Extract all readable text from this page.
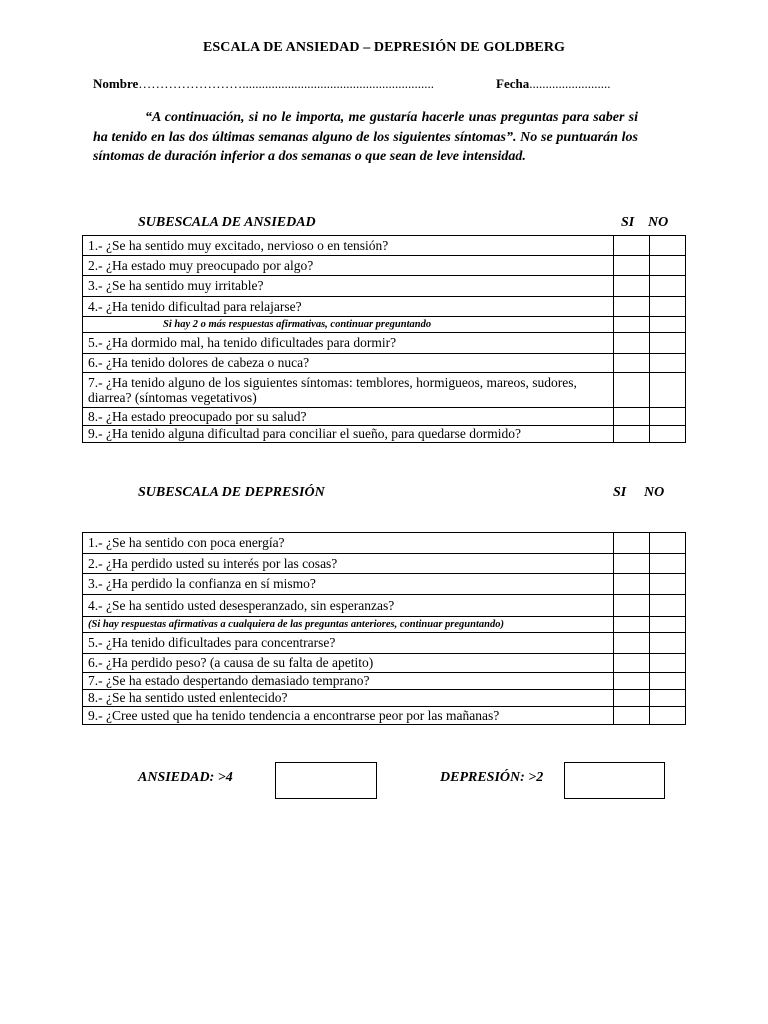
ESCALA DE ANSIEDAD – DEPRESIÓN DE GOLDBERG
Nombre……………………...........................................................	Fecha.........................
“A continuación, si no le importa, me gustaría hacerle unas preguntas para saber si ha tenido en las dos últimas semanas alguno de los siguientes síntomas”. No se puntuarán los síntomas de duración inferior a dos semanas o que sean de leve intensidad.
SUBESCALA DE ANSIEDAD	SI NO
1.- ¿Se ha sentido muy excitado, nervioso o en tensión?		
2.- ¿Ha estado muy preocupado por algo?		
3.- ¿Se ha sentido muy irritable?		
4.- ¿Ha tenido dificultad para relajarse?		
Si hay 2 o más respuestas afirmativas, continuar preguntando		
5.- ¿Ha dormido mal, ha tenido dificultades para dormir?		
6.- ¿Ha tenido dolores de cabeza o nuca?		
7.- ¿Ha tenido alguno de los siguientes síntomas: temblores, hormigueos, mareos, sudores, diarrea? (síntomas vegetativos)		
8.- ¿Ha estado preocupado por su salud?		
9.- ¿Ha tenido alguna dificultad para conciliar el sueño, para quedarse dormido?		
SUBESCALA DE DEPRESIÓN	SI NO
1.- ¿Se ha sentido con poca energía?		
2.- ¿Ha perdido usted su interés por las cosas?		
3.- ¿Ha perdido la confianza en sí mismo?		
4.- ¿Se ha sentido usted desesperanzado, sin esperanzas?		
(Si hay respuestas afirmativas a cualquiera de las preguntas anteriores, continuar preguntando)		
5.- ¿Ha tenido dificultades para concentrarse?		
6.- ¿Ha perdido peso? (a causa de su falta de apetito)		
7.- ¿Se ha estado despertando demasiado temprano?		
8.- ¿Se ha sentido usted enlentecido?		
9.- ¿Cree usted que ha tenido tendencia a encontrarse peor por las mañanas?		
ANSIEDAD: >4	DEPRESIÓN: >2
